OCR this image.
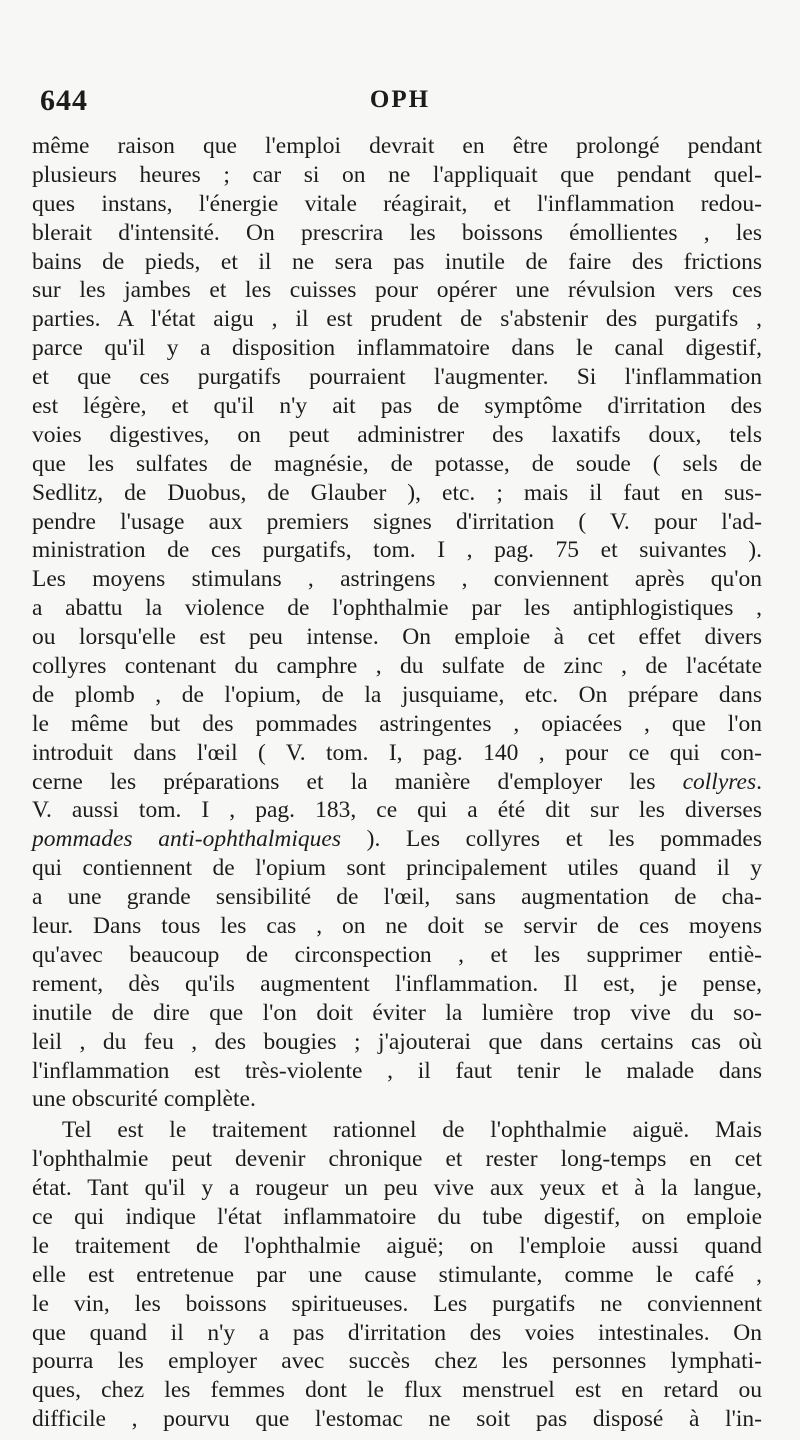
644	OPH
même raison que l'emploi devrait en être prolongé pendant
plusieurs heures ; car si on ne l'appliquait que pendant quel-
ques instans, l'énergie vitale réagirait, et l'inflammation redou-
blerait d'intensité. On prescrira les boissons émollientes , les
bains de pieds, et il ne sera pas inutile de faire des frictions
sur les jambes et les cuisses pour opérer une révulsion vers ces
parties. A l'état aigu , il est prudent de s'abstenir des purgatifs ,
parce qu'il y a disposition inflammatoire dans le canal digestif,
et que ces purgatifs pourraient l'augmenter. Si l'inflammation
est légère, et qu'il n'y ait pas de symptôme d'irritation des
voies digestives, on peut administrer des laxatifs doux, tels
que les sulfates de magnésie, de potasse, de soude ( sels de
Sedlitz, de Duobus, de Glauber ), etc. ; mais il faut en sus-
pendre l'usage aux premiers signes d'irritation ( V. pour l'ad-
ministration de ces purgatifs, tom. I , pag. 75 et suivantes ).
Les moyens stimulans , astringens , conviennent après qu'on
a abattu la violence de l'ophthalmie par les antiphlogistiques ,
ou lorsqu'elle est peu intense. On emploie à cet effet divers
collyres contenant du camphre , du sulfate de zinc , de l'acétate
de plomb , de l'opium, de la jusquiame, etc. On prépare dans
le même but des pommades astringentes , opiacées , que l'on
introduit dans l'œil ( V. tom. I, pag. 140 , pour ce qui con-
cerne les préparations et la manière d'employer les collyres.
V. aussi tom. I , pag. 183, ce qui a été dit sur les diverses
pommades anti-ophthalmiques ). Les collyres et les pommades
qui contiennent de l'opium sont principalement utiles quand il y
a une grande sensibilité de l'œil, sans augmentation de cha-
leur. Dans tous les cas , on ne doit se servir de ces moyens
qu'avec beaucoup de circonspection , et les supprimer entiè-
rement, dès qu'ils augmentent l'inflammation. Il est, je pense,
inutile de dire que l'on doit éviter la lumière trop vive du so-
leil , du feu , des bougies ; j'ajouterai que dans certains cas où
l'inflammation est très-violente , il faut tenir le malade dans
une obscurité complète.
Tel est le traitement rationnel de l'ophthalmie aiguë. Mais
l'ophthalmie peut devenir chronique et rester long-temps en cet
état. Tant qu'il y a rougeur un peu vive aux yeux et à la langue,
ce qui indique l'état inflammatoire du tube digestif, on emploie
le traitement de l'ophthalmie aiguë; on l'emploie aussi quand
elle est entretenue par une cause stimulante, comme le café ,
le vin, les boissons spiritueuses. Les purgatifs ne conviennent
que quand il n'y a pas d'irritation des voies intestinales. On
pourra les employer avec succès chez les personnes lymphati-
ques, chez les femmes dont le flux menstruel est en retard ou
difficile , pourvu que l'estomac ne soit pas disposé à l'in-
